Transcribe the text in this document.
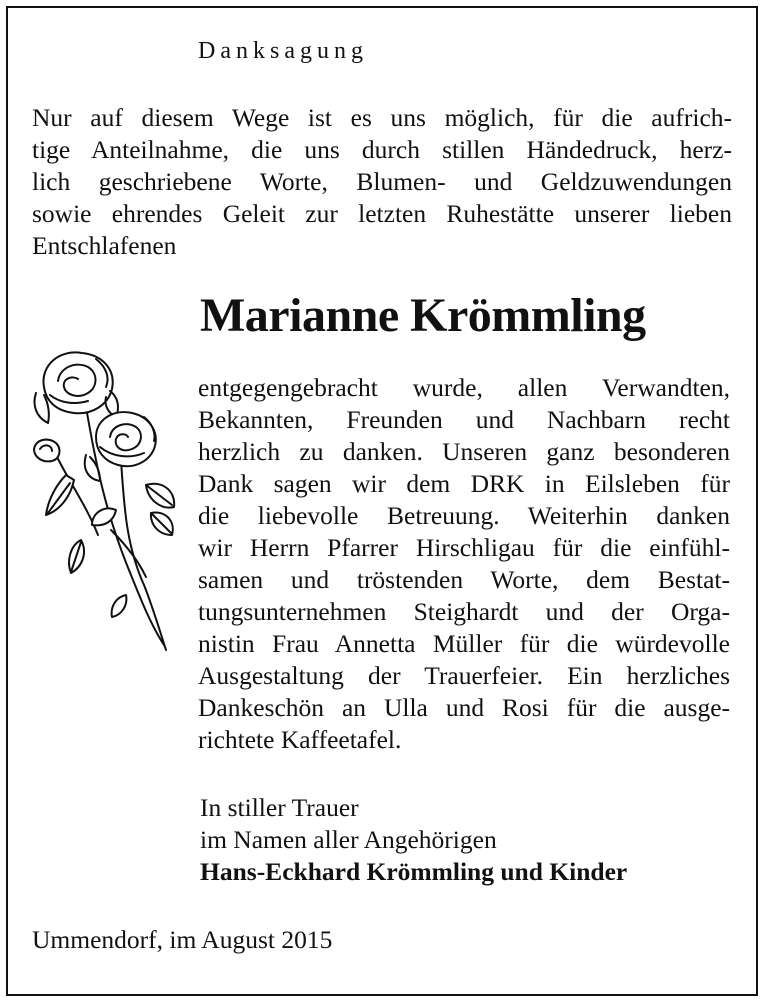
Danksagung
Nur auf diesem Wege ist es uns möglich, für die aufrich-
tige Anteilnahme, die uns durch stillen Händedruck, herz-
lich geschriebene Worte, Blumen- und Geldzuwendungen
sowie ehrendes Geleit zur letzten Ruhestätte unserer lieben
Entschlafenen
Marianne Krömmling
entgegengebracht wurde, allen Verwandten,
Bekannten, Freunden und Nachbarn recht
herzlich zu danken. Unseren ganz besonderen
Dank sagen wir dem DRK in Eilsleben für
die liebevolle Betreuung. Weiterhin danken
wir Herrn Pfarrer Hirschligau für die einfühl-
samen und tröstenden Worte, dem Bestat-
tungsunternehmen Steighardt und der Orga-
nistin Frau Annetta Müller für die würdevolle
Ausgestaltung der Trauerfeier. Ein herzliches
Dankeschön an Ulla und Rosi für die ausge-
richtete Kaffeetafel.
In stiller Trauer
im Namen aller Angehörigen
Hans-Eckhard Krömmling und Kinder
Ummendorf, im August 2015
